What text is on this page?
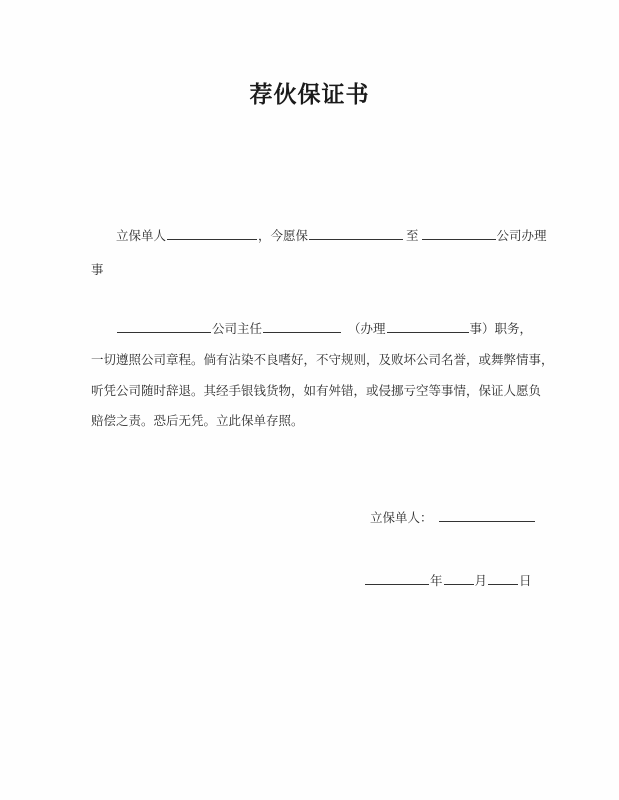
荐伙保证书
立保单人	，今愿保	至	公司办理
事
公司主任	（办理	事）职务，
一切遵照公司章程。倘有沾染不良嗜好，不守规则，及败坏公司名誉，或舞弊情事，
听凭公司随时辞退。其经手银钱货物，如有舛错，或侵挪亏空等事情，保证人愿负
赔偿之责。恐后无凭。立此保单存照。
立保单人：
年	月	日
